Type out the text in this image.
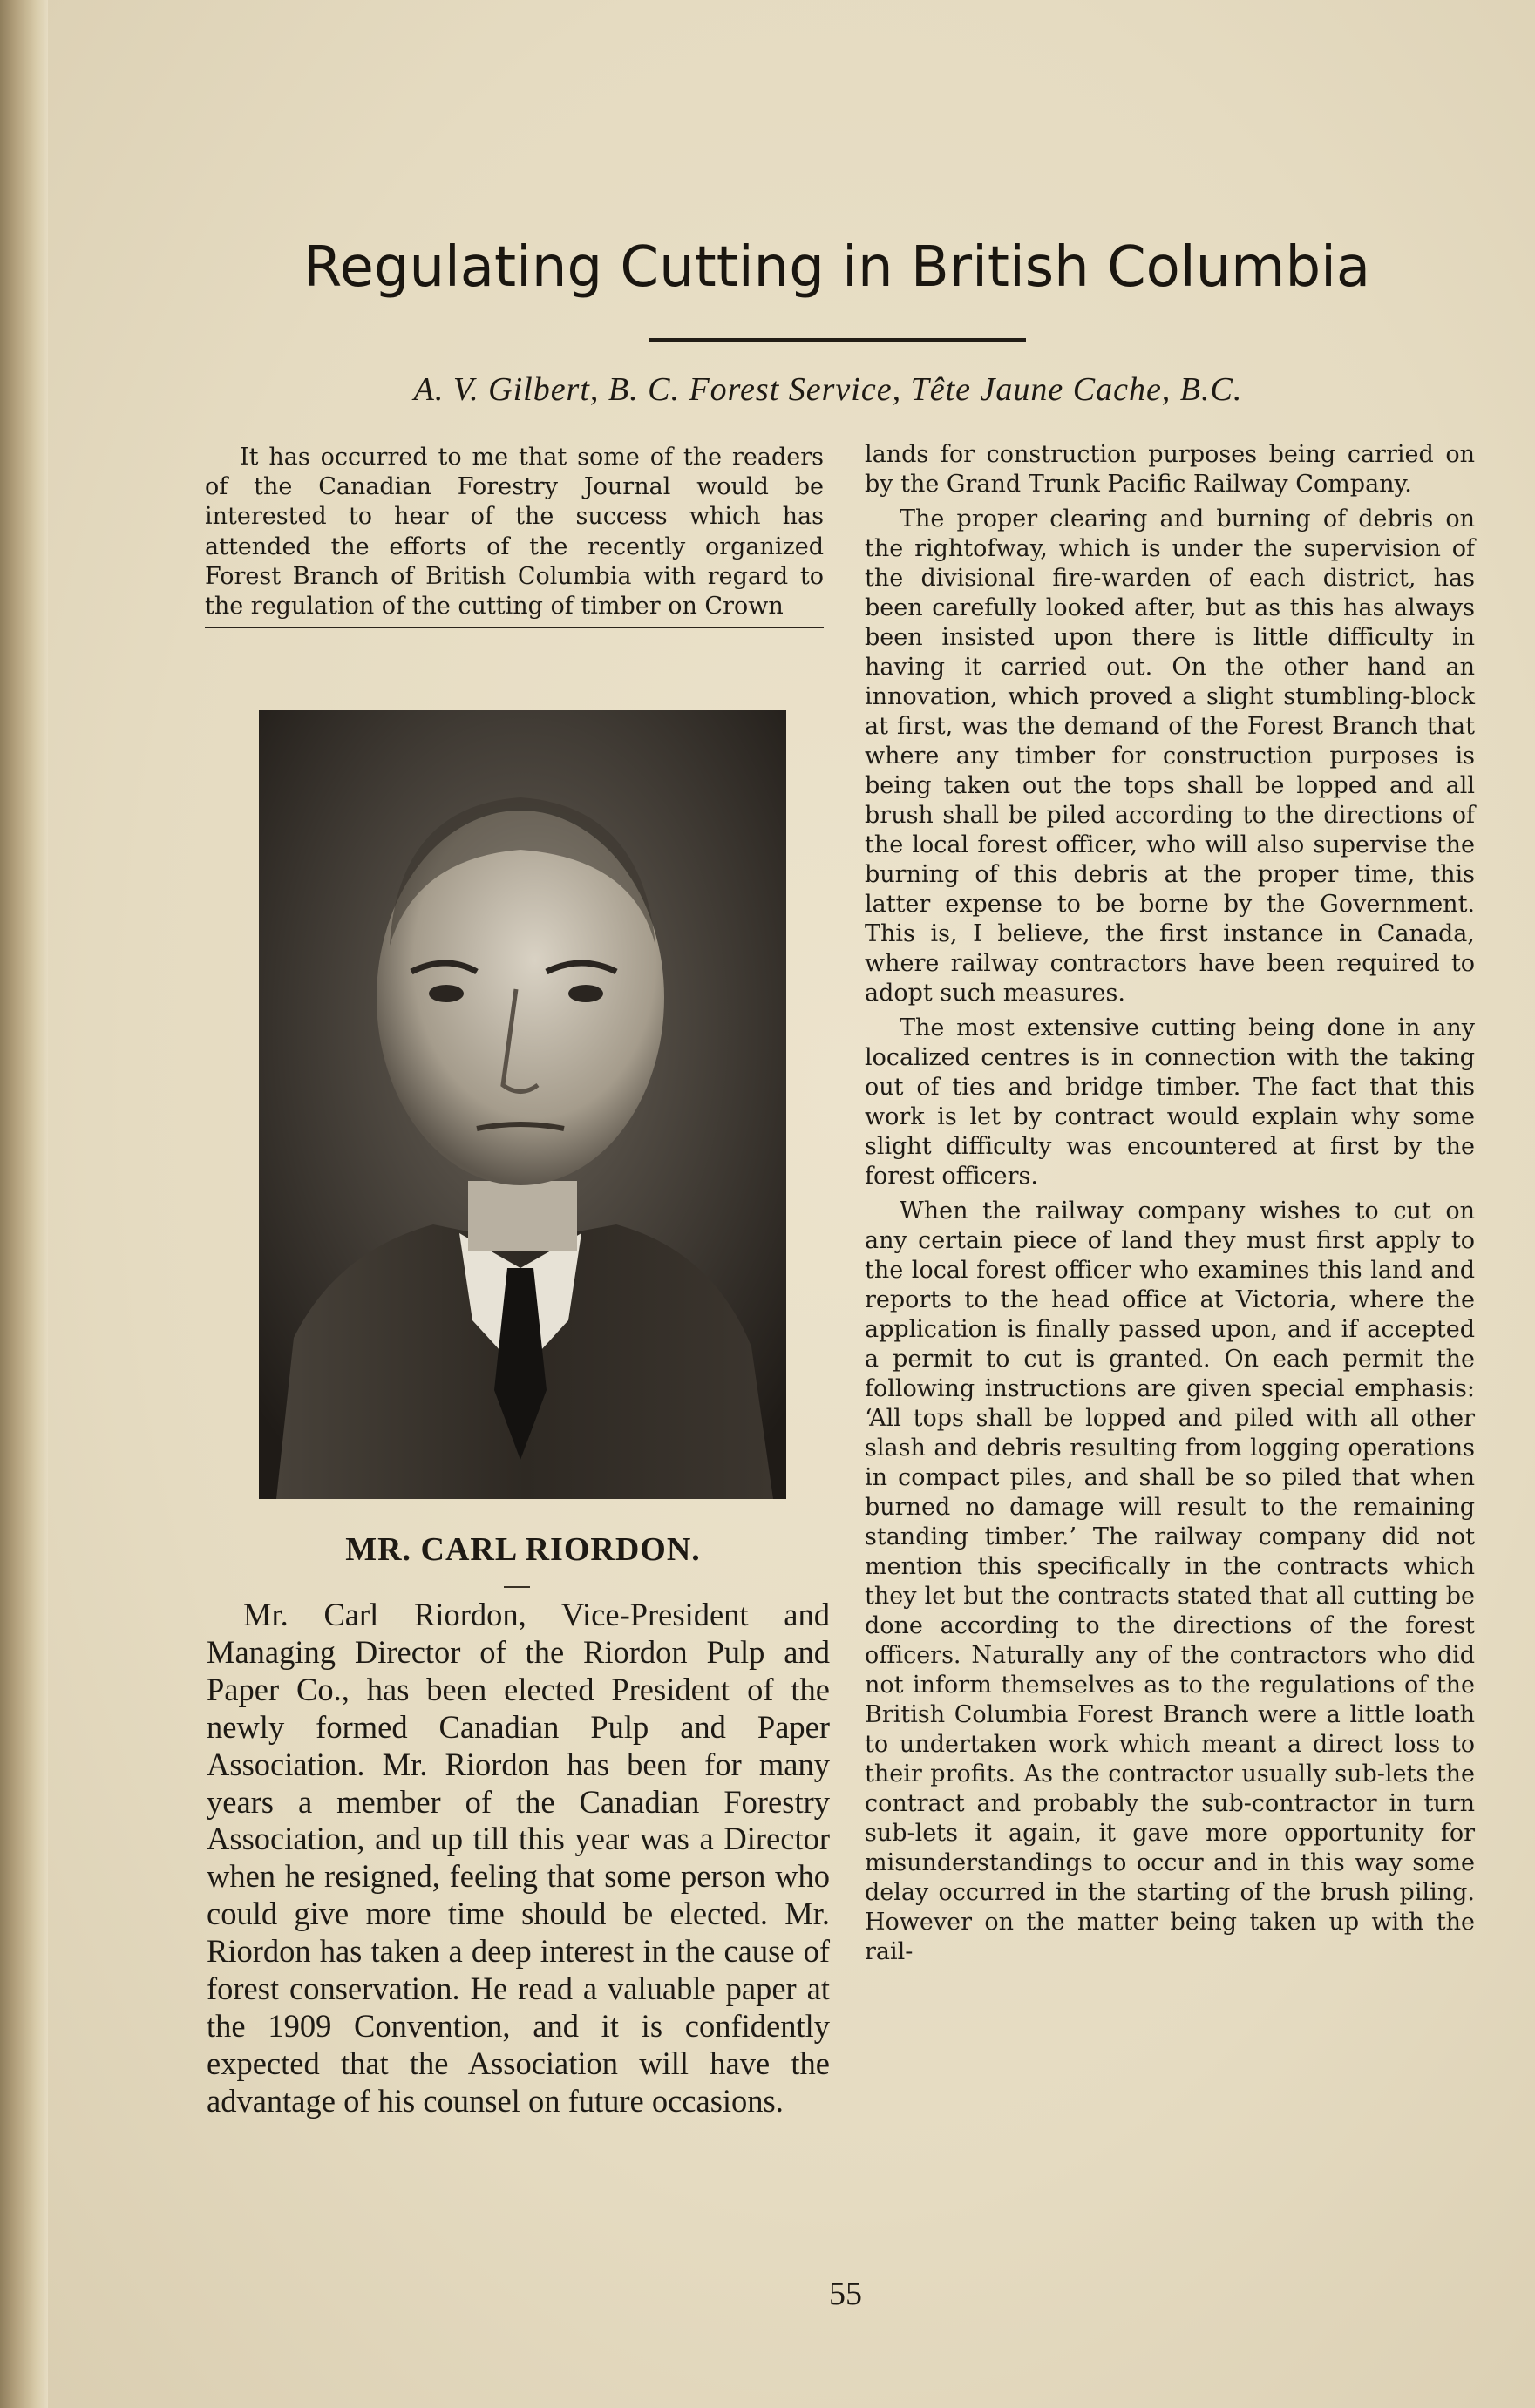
Regulating Cutting in British Columbia
A. V. Gilbert, B. C. Forest Service, Tête Jaune Cache, B.C.

It has occurred to me that some of the readers of the Canadian Forestry Journal would be interested to hear of the success which has attended the efforts of the recently organized Forest Branch of British Columbia with regard to the regulation of the cutting of timber on Crown

MR. CARL RIORDON.

Mr. Carl Riordon, Vice-President and Managing Director of the Riordon Pulp and Paper Co., has been elected President of the newly formed Canadian Pulp and Paper Association. Mr. Riordon has been for many years a member of the Canadian Forestry Association, and up till this year was a Director when he resigned, feeling that some person who could give more time should be elected. Mr. Riordon has taken a deep interest in the cause of forest conservation. He read a valuable paper at the 1909 Convention, and it is confidently expected that the Association will have the advantage of his counsel on future occasions.

lands for construction purposes being carried on by the Grand Trunk Pacific Railway Company.

The proper clearing and burning of debris on the rightofway, which is under the supervision of the divisional fire-warden of each district, has been carefully looked after, but as this has always been insisted upon there is little difficulty in having it carried out. On the other hand an innovation, which proved a slight stumbling-block at first, was the demand of the Forest Branch that where any timber for construction purposes is being taken out the tops shall be lopped and all brush shall be piled according to the directions of the local forest officer, who will also supervise the burning of this debris at the proper time, this latter expense to be borne by the Government. This is, I believe, the first instance in Canada, where railway contractors have been required to adopt such measures.

The most extensive cutting being done in any localized centres is in connection with the taking out of ties and bridge timber. The fact that this work is let by contract would explain why some slight difficulty was encountered at first by the forest officers.

When the railway company wishes to cut on any certain piece of land they must first apply to the local forest officer who examines this land and reports to the head office at Victoria, where the application is finally passed upon, and if accepted a permit to cut is granted. On each permit the following instructions are given special emphasis: ‘All tops shall be lopped and piled with all other slash and debris resulting from logging operations in compact piles, and shall be so piled that when burned no damage will result to the remaining standing timber.’ The railway company did not mention this specifically in the contracts which they let but the contracts stated that all cutting be done according to the directions of the forest officers. Naturally any of the contractors who did not inform themselves as to the regulations of the British Columbia Forest Branch were a little loath to undertaken work which meant a direct loss to their profits. As the contractor usually sub-lets the contract and probably the sub-contractor in turn sub-lets it again, it gave more opportunity for misunderstandings to occur and in this way some delay occurred in the starting of the brush piling. However on the matter being taken up with the rail-

55
